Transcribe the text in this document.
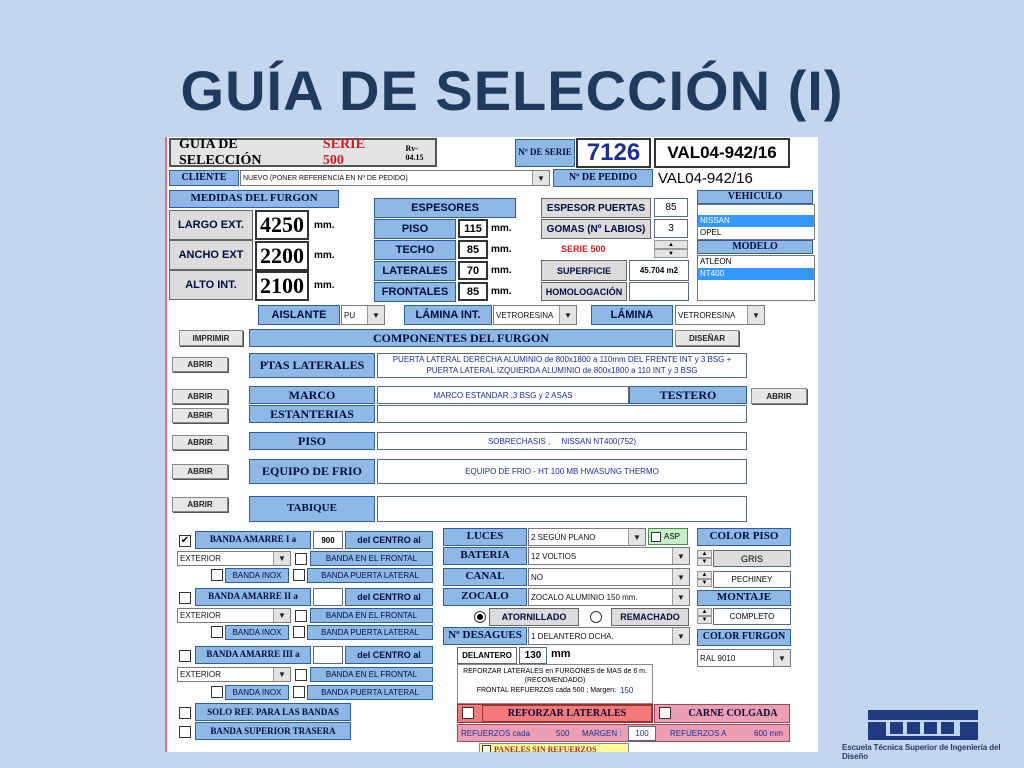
GUÍA DE SELECCIÓN (I)
GUIA DE SELECCIÓN

SERIE 500
Rv-04.15	Nº DE SERIE 7126	VAL04-942/16
CLIENTE	NUEVO (PONER REFERENCIA EN Nº DE PEDIDO)	▼	Nº DE PEDIDO	VAL04-942/16
MEDIDAS DEL FURGON
LARGO EXT. 4250	mm.
ANCHO EXT 2200	mm.
ALTO INT.	2100	mm.
ESPESORES
PISO	115 mm.
TECHO	85	mm.
LATERALES	70	mm.
FRONTALES	85	mm.
ESPESOR PUERTAS	85
GOMAS (Nº LABIOS)	3
SERIE 500	▲
▼
SUPERFICIE	45.704 m2
HOMOLOGACIÓN
VEHICULO
NISSAN
OPEL
MODELO
ATLEON
NT400
AISLANTE	PU	▼	LÁMINA INT.	VETRORESINA	▼	LÁMINA	VETRORESINA	▼
IMPRIMIR	COMPONENTES DEL FURGON	DISEÑAR
ABRIR	PTAS LATERALES	PUERTA LATERAL DERECHA ALUMINIO de 800x1800 a 110mm DEL FRENTE INT y 3 BSG + PUERTA LATERAL IZQUIERDA ALUMINIO de 800x1800 a 110 INT y 3 BSG
ABRIR	MARCO	MARCO ESTANDAR ,3 BSG y 2 ASAS	TESTERO	ABRIR
ABRIR	ESTANTERIAS
ABRIR	PISO	SOBRECHASIS ,     NISSAN NT400(752)
ABRIR	EQUIPO DE FRIO	EQUIPO DE FRIO - HT 100 MB HWASUNG THERMO
ABRIR	TABIQUE
✔	BANDA AMARRE I a	900	del CENTRO al
EXTERIOR	▼	BANDA EN EL FRONTAL
BANDA INOX	BANDA PUERTA LATERAL
BANDA AMARRE II a	del CENTRO al
EXTERIOR	▼	BANDA EN EL FRONTAL
BANDA INOX	BANDA PUERTA LATERAL
BANDA AMARRE III a	del CENTRO al
EXTERIOR	▼	BANDA EN EL FRONTAL
BANDA INOX	BANDA PUERTA LATERAL
SOLO REF. PARA LAS BANDAS
BANDA SUPERIOR TRASERA
LUCES	2 SEGÚN PLANO	▼	ASP
BATERIA	12 VOLTIOS	▼
CANAL	NO	▼
ZOCALO	ZOCALO ALUMINIO 150 mm.	▼
ATORNILLADO	REMACHADO
Nº DESAGUES	1 DELANTERO DCHA.	▼
DELANTERO	130 mm
REFORZAR LATERALES en FURGONES de MAS de 6 m.(RECOMENDADO)
FRONTAL REFUERZOS cada 500 ; Margen: 150
REFORZAR LATERALES	CARNE COLGADA
REFUERZOS cada	500 MARGEN :	100	REFUERZOS A	600 mm
PANELES SIN REFUERZOS
COLOR PISO
▲
▼	GRIS
▲
▼	PECHINEY
MONTAJE
▲
▼	COMPLETO
COLOR FURGON
RAL 9010	▼
Escuela Técnica Superior de Ingeniería del Diseño
